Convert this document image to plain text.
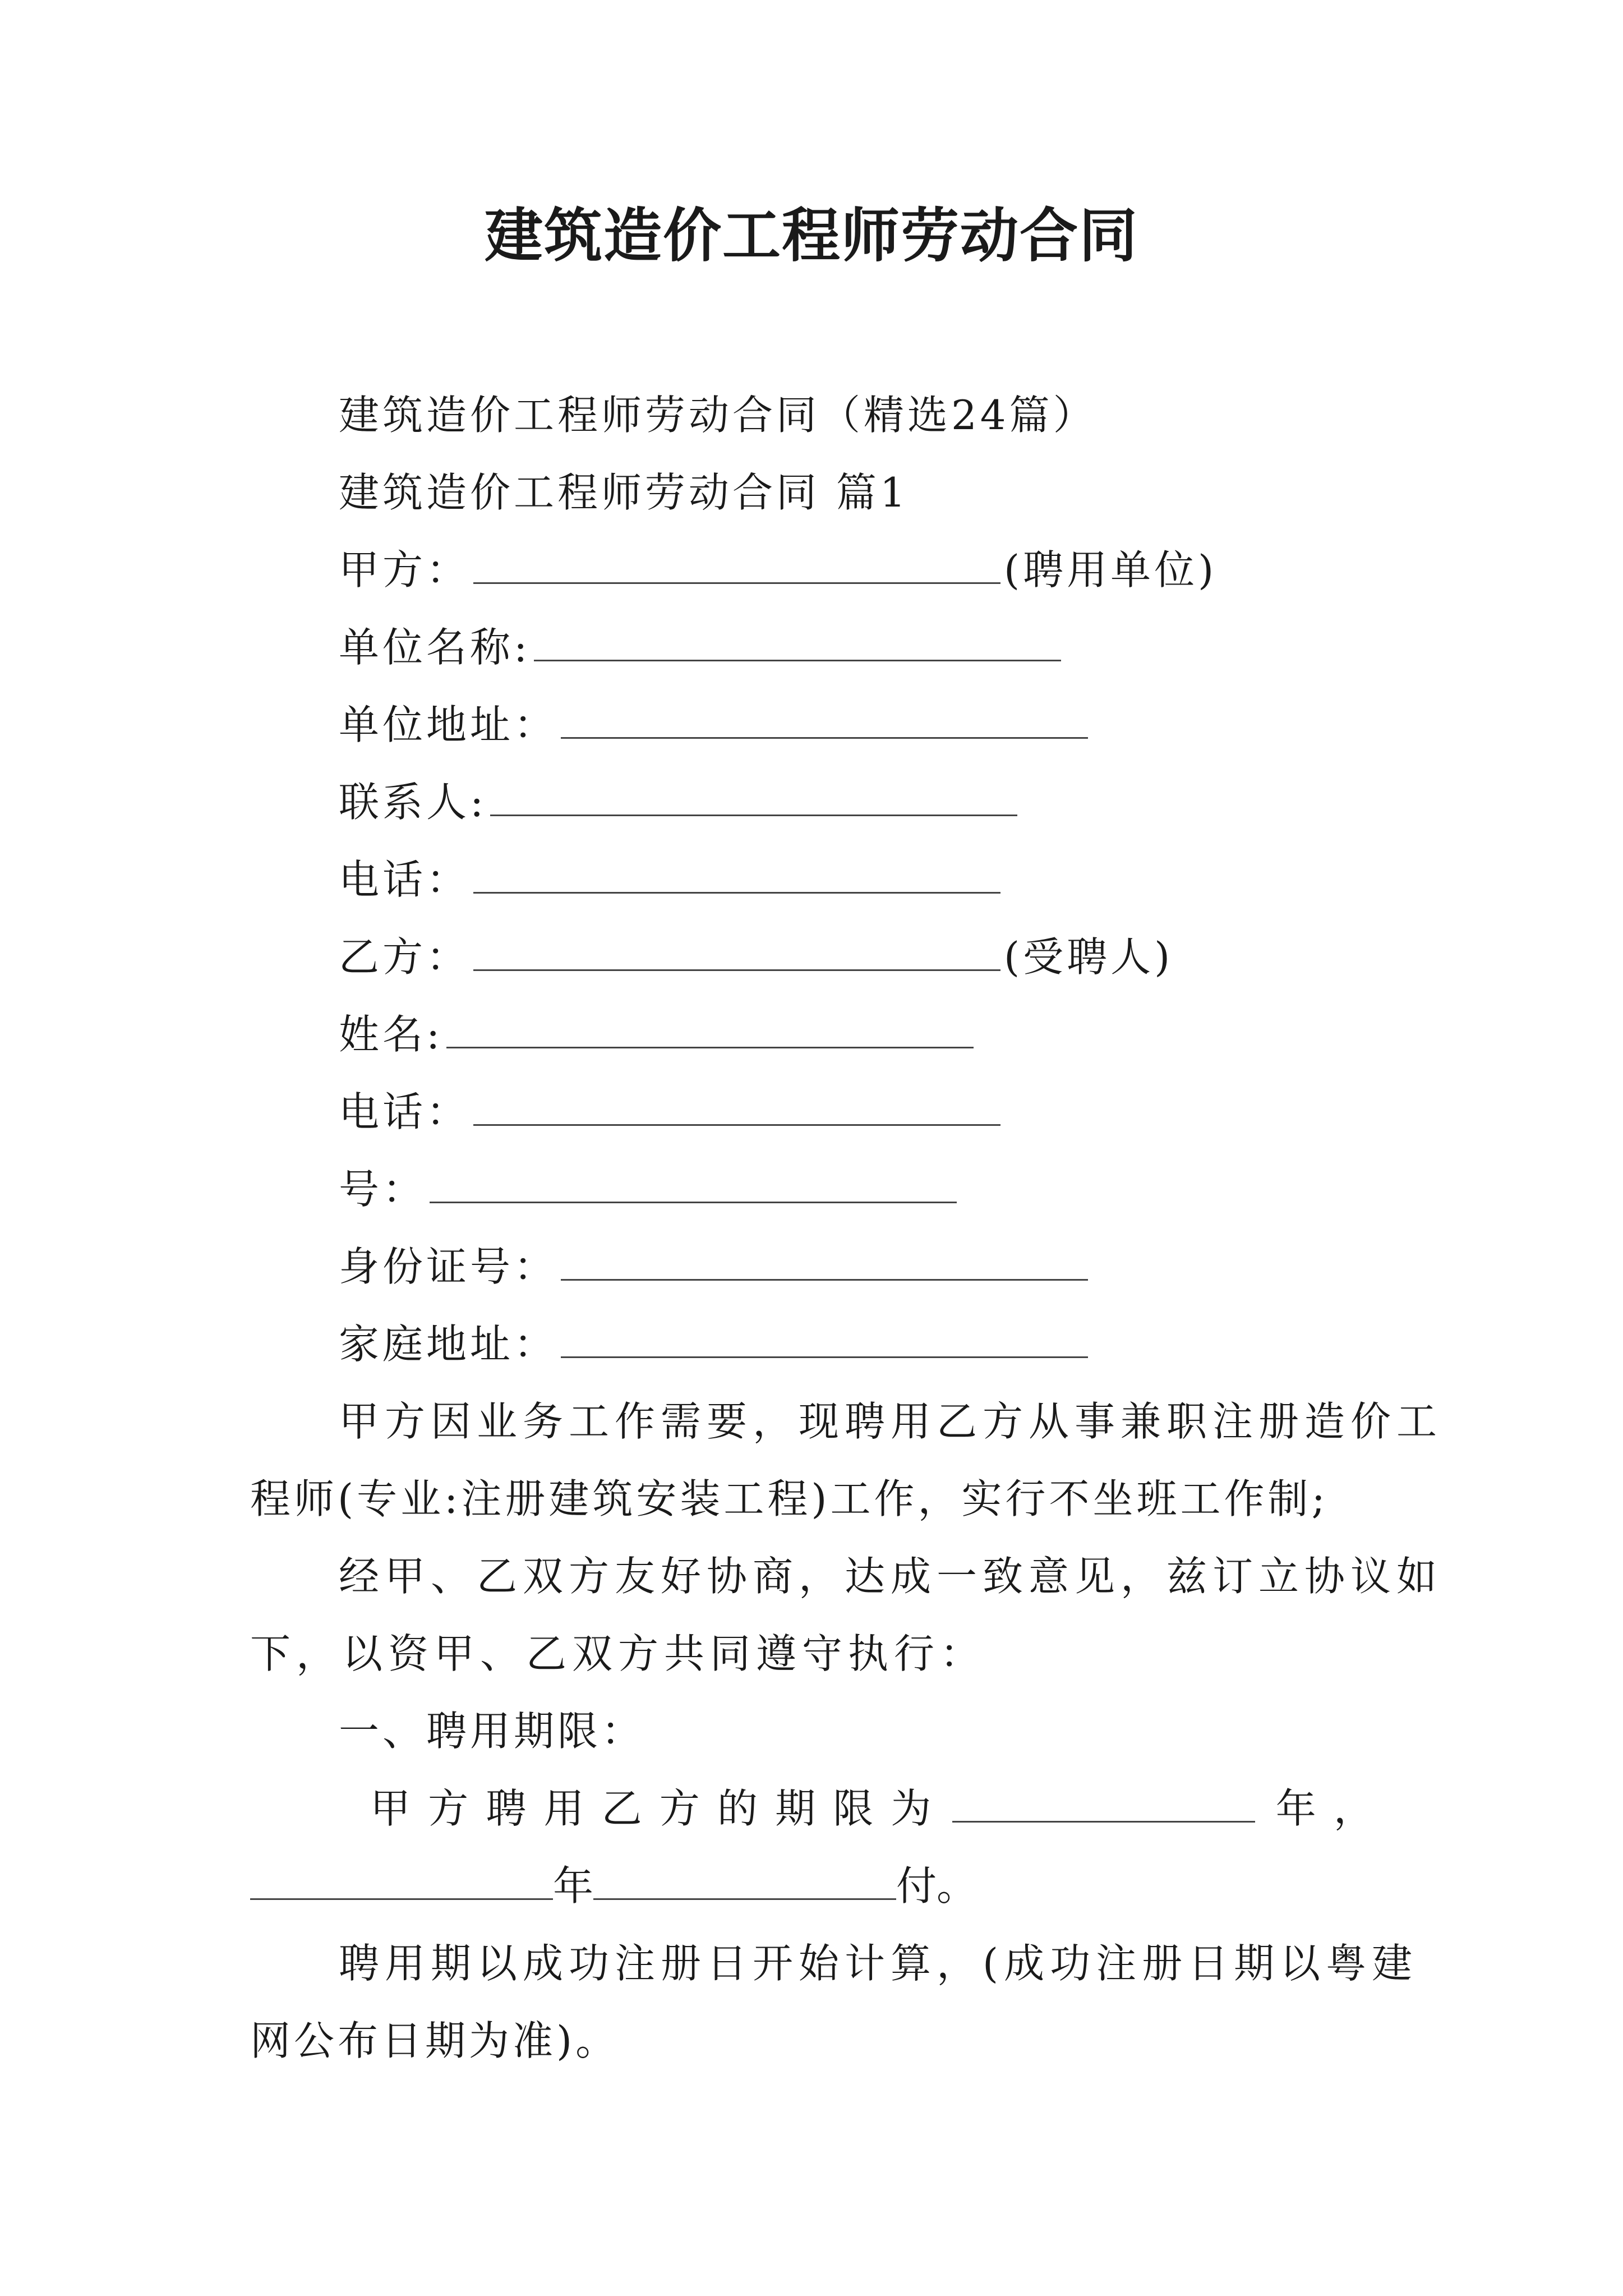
建筑造价工程师劳动合同
建筑造价工程师劳动合同（精选24篇）
建筑造价工程师劳动合同 篇1
甲方：	(聘用单位)
单位名称:
单位地址：
联系人:
电话：
乙方：	(受聘人)
姓名:
电话：
号：
身份证号：
家庭地址：
甲方因业务工作需要，现聘用乙方从事兼职注册造价工
程师(专业:注册建筑安装工程)工作，实行不坐班工作制;
经甲、乙双方友好协商，达成一致意见，兹订立协议如
下，以资甲、乙双方共同遵守执行：
一、聘用期限：
甲 方 聘 用 乙 方 的 期 限 为	年 ，
年	付。
聘用期以成功注册日开始计算，(成功注册日期以粤建
网公布日期为准)。
